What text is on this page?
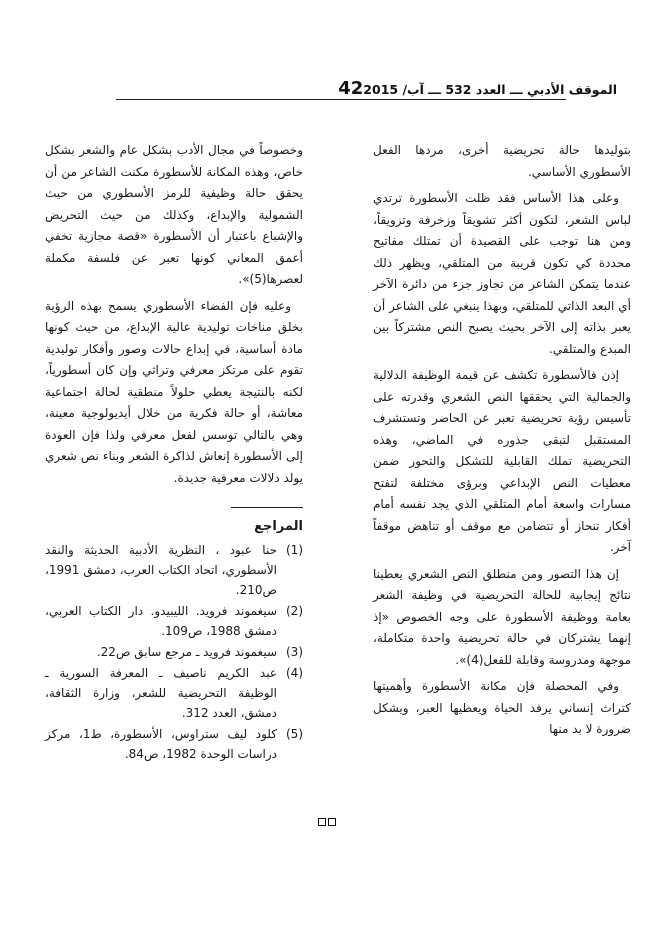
42 الموقف الأدبي ـــ العدد 532 ـــ آب/ 2015

بتوليدها حالة تحريضية أخرى، مردها الفعل الأسطوري الأساسي.

وعلى هذا الأساس فقد ظلت الأسطورة ترتدي لباس الشعر، لتكون أكثر تشويقاً وزخرفة وتزويقاً، ومن هنا توجب على القصيدة أن تمتلك مفاتيح محددة كي تكون قريبة من المتلقي، ويظهر ذلك عندما يتمكن الشاعر من تجاوز جزء من دائرة الآخر أي البعد الذاتي للمتلقي، وبهذا ينبغي على الشاعر أن يعبر بذاته إلى الآخر بحيث يصبح النص مشتركاً بين المبدع والمتلقي.

إذن فالأسطورة تكشف عن قيمة الوظيفة الدلالية والجمالية التي يحققها النص الشعري وقدرته على تأسيس رؤية تحريضية تعبر عن الحاضر وتستشرف المستقبل لتبقى جذوره في الماضي، وهذه التحريضية تملك القابلية للتشكل والتحور ضمن معطيات النص الإبداعي وبرؤى مختلفة لتفتح مسارات واسعة أمام المتلقي الذي يجد نفسه أمام أفكار تنحاز أو تتضامن مع موقف أو تناهض موقفاً آخر.

إن هذا التصور ومن منطلق النص الشعري يعطينا نتائج إيجابية للحالة التحريضية في وظيفة الشعر بعامة ووظيفة الأسطورة على وجه الخصوص «إذ إنهما يشتركان في حالة تحريضية واحدة متكاملة، موجهة ومدروسة وقابلة للفعل(4)».

وفي المحصلة فإن مكانة الأسطورة وأهميتها كتراث إنساني يرفد الحياة ويعطيها العبر، ويشكل ضرورة لا بد منها

وخصوصاً في مجال الأدب بشكل عام والشعر بشكل خاص، وهذه المكانة للأسطورة مكنت الشاعر من أن يحقق حالة وظيفية للرمز الأسطوري من حيث الشمولية والإبداع، وكذلك من حيث التحريض والإشباع باعتبار أن الأسطورة «قصة مجازية تخفي أعمق المعاني كونها تعبر عن فلسفة مكملة لعصرها(5)».

وعليه فإن الفضاء الأسطوري يسمح بهذه الرؤية بخلق مناخات توليدية عالية الإبداع، من حيث كونها مادة أساسية، في إبداع حالات وصور وأفكار توليدية تقوم على مرتكز معرفي وتراثي وإن كان أسطورياً، لكنه بالنتيجة يعطي حلولاً منطقية لحالة اجتماعية معاشة، أو حالة فكرية من خلال أيديولوجية معينة، وهي بالتالي توسس لفعل معرفي ولذا فإن العودة إلى الأسطورة إنعاش لذاكرة الشعر وبناء نص شعري يولد دلالات معرفية جديدة.

المراجع
(1)
حنا عبود ، النظرية الأدبية الحديثة والنقد الأسطوري، اتحاد الكتاب العرب، دمشق 1991، ص210.
(2)
سيغموند فرويد. الليبيدو. دار الكتاب العربي، دمشق 1988، ص109.
(3)
سيغموند فرويد ـ مرجع سابق ص22.
(4)
عبد الكريم ناصيف ـ المعرفة السورية ـ الوظيفة التحريضية للشعر، وزارة الثقافة، دمشق، العدد 312.
(5)
كلود ليف ستراوس، الأسطورة، ط1، مركز دراسات الوحدة 1982، ص84.
